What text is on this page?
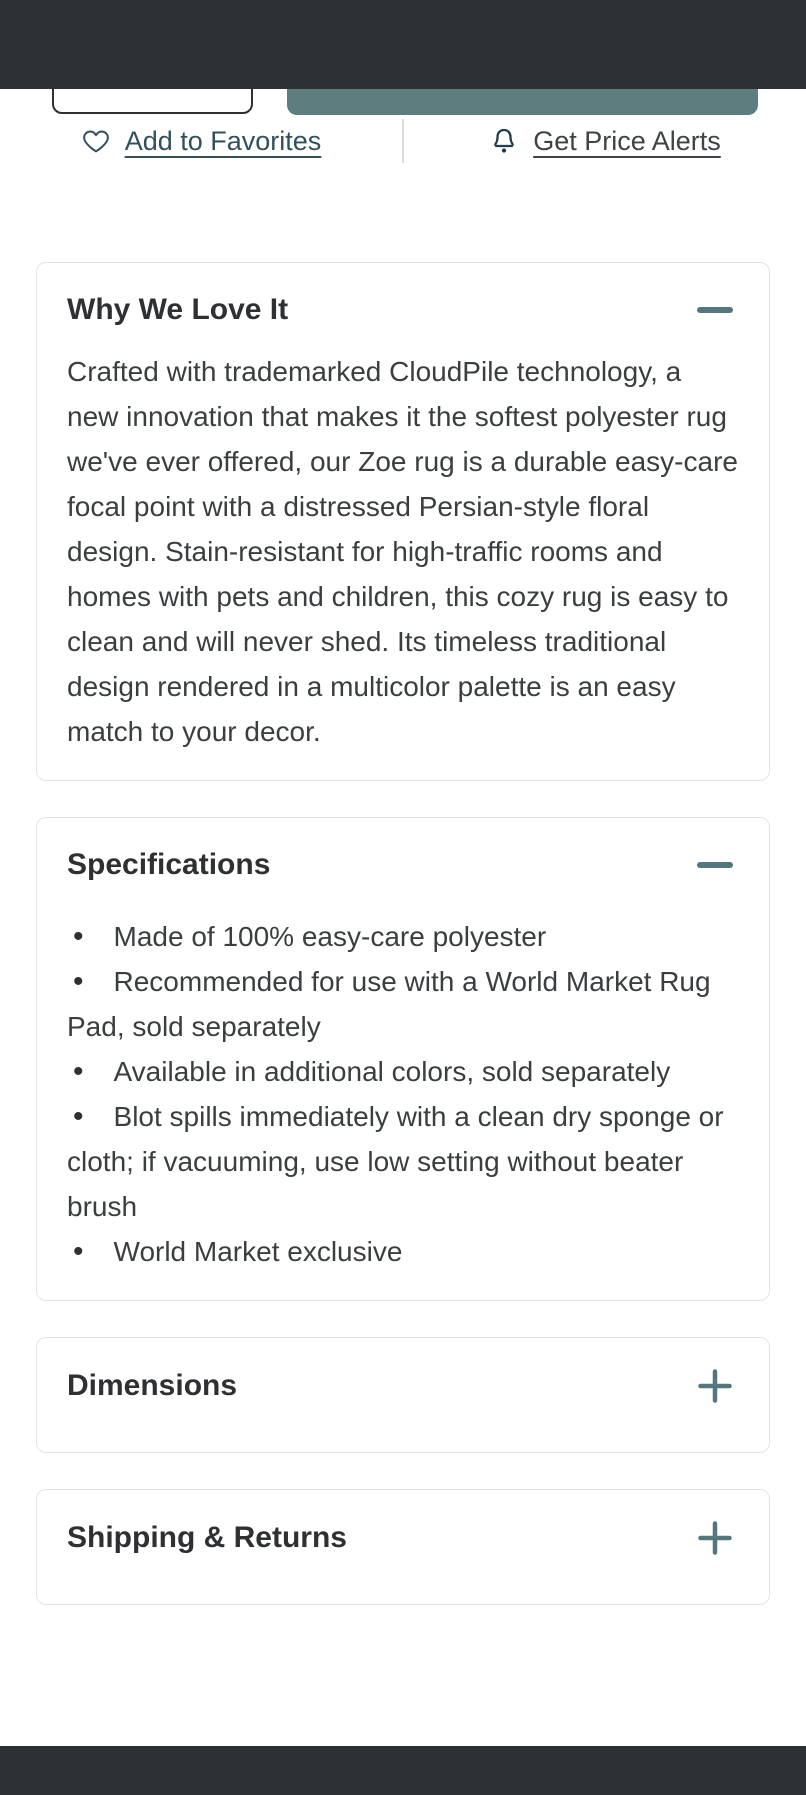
Add to Favorites	Get Price Alerts
Why We Love It

Crafted with trademarked CloudPile technology, a new innovation that makes it the softest polyester rug we've ever offered, our Zoe rug is a durable easy-care focal point with a distressed Persian-style floral design. Stain-resistant for high-traffic rooms and homes with pets and children, this cozy rug is easy to clean and will never shed. Its timeless traditional design rendered in a multicolor palette is an easy match to your decor.

Specifications

• Made of 100% easy-care polyester

• Recommended for use with a World Market Rug Pad, sold separately

• Available in additional colors, sold separately

• Blot spills immediately with a clean dry sponge or cloth; if vacuuming, use low setting without beater brush

• World Market exclusive

Dimensions
Shipping & Returns
